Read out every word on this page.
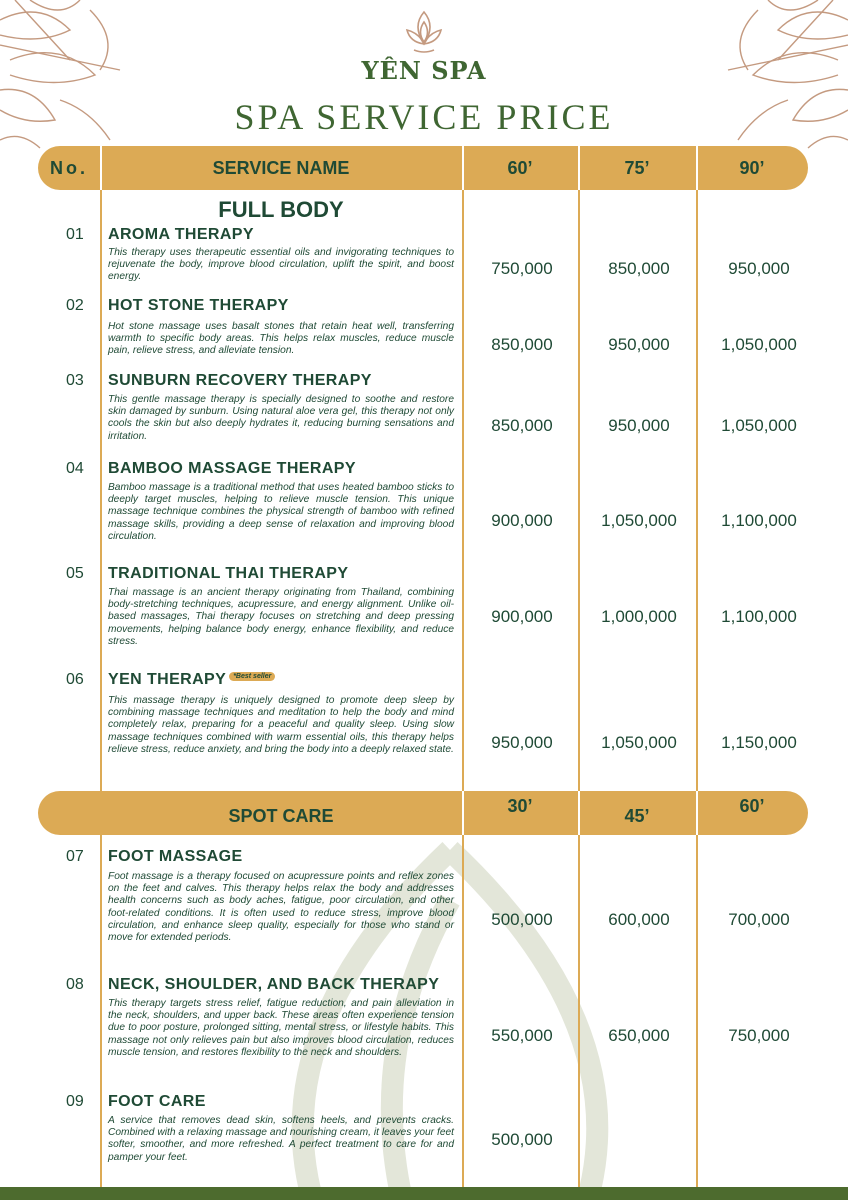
YÊN SPA
SPA SERVICE PRICE
No.	SERVICE NAME	60’	75’	90’
FULL BODY
01 AROMA THERAPY
This therapy uses therapeutic essential oils and invigorating techniques to rejuvenate the body, improve blood circulation, uplift the spirit, and boost energy.	750,000	850,000	950,000
02 HOT STONE THERAPY
Hot stone massage uses basalt stones that retain heat well, transferring warmth to specific body areas. This helps relax muscles, reduce muscle pain, relieve stress, and alleviate tension.	850,000	950,000	1,050,000
03 SUNBURN RECOVERY THERAPY
This gentle massage therapy is specially designed to soothe and restore skin damaged by sunburn. Using natural aloe vera gel, this therapy not only cools the skin but also deeply hydrates it, reducing burning sensations and irritation.
850,000	950,000	1,050,000
04 BAMBOO MASSAGE THERAPY
Bamboo massage is a traditional method that uses heated bamboo sticks to deeply target muscles, helping to relieve muscle tension. This unique massage technique combines the physical strength of bamboo with refined massage skills, providing a deep sense of relaxation and improving blood circulation.
900,000	1,050,000	1,100,000
05 TRADITIONAL THAI THERAPY
Thai massage is an ancient therapy originating from Thailand, combining body-stretching techniques, acupressure, and energy alignment. Unlike oil-based massages, Thai therapy focuses on stretching and deep pressing movements, helping balance body energy, enhance flexibility, and reduce stress.
900,000	1,000,000	1,100,000
06 YEN THERAPY *Best seller
This massage therapy is uniquely designed to promote deep sleep by combining massage techniques and meditation to help the body and mind completely relax, preparing for a peaceful and quality sleep. Using slow massage techniques combined with warm essential oils, this therapy helps relieve stress, reduce anxiety, and bring the body into a deeply relaxed state.	950,000	1,050,000	1,150,000
SPOT CARE	30’	45’	60’
07 FOOT MASSAGE
Foot massage is a therapy focused on acupressure points and reflex zones on the feet and calves. This therapy helps relax the body and addresses health concerns such as body aches, fatigue, poor circulation, and other foot-related conditions. It is often used to reduce stress, improve blood circulation, and enhance sleep quality, especially for those who stand or move for extended periods.
500,000	600,000	700,000
08 NECK, SHOULDER, AND BACK THERAPY
This therapy targets stress relief, fatigue reduction, and pain alleviation in the neck, shoulders, and upper back. These areas often experience tension due to poor posture, prolonged sitting, mental stress, or lifestyle habits. This massage not only relieves pain but also improves blood circulation, reduces muscle tension, and restores flexibility to the neck and shoulders.
550,000	650,000	750,000
09 FOOT CARE
A service that removes dead skin, softens heels, and prevents cracks. Combined with a relaxing massage and nourishing cream, it leaves your feet softer, smoother, and more refreshed. A perfect treatment to care for and pamper your feet.
500,000
